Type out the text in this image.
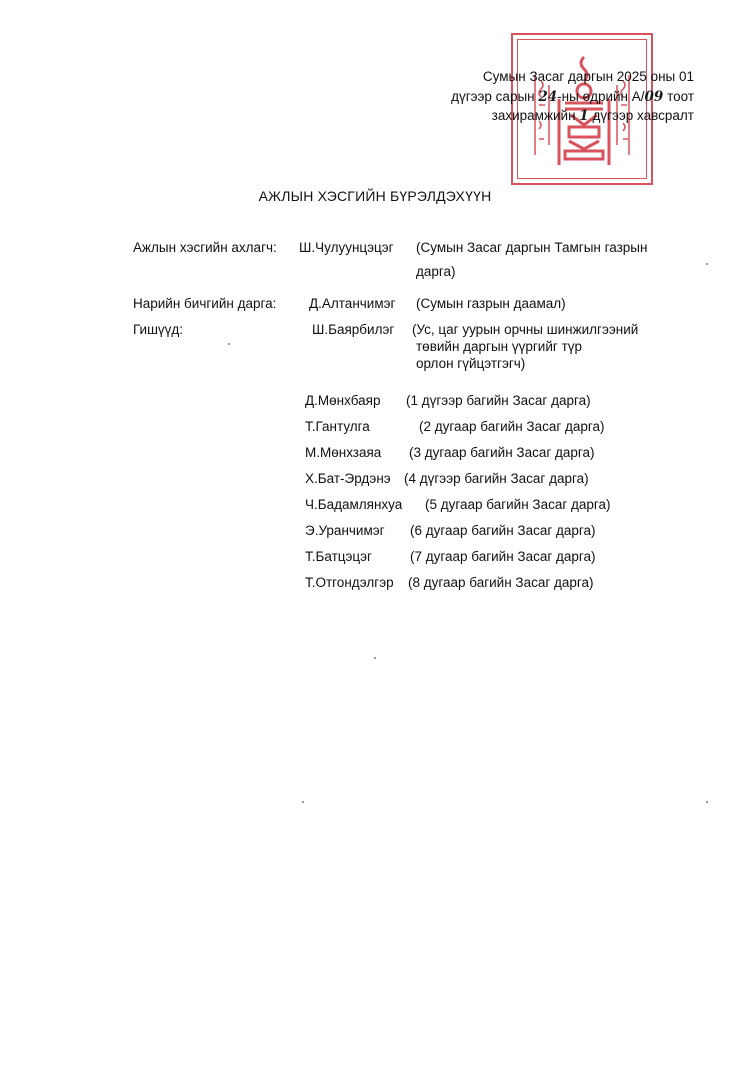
Сумын Засаг даргын 2025 оны 01
дүгээр сарын 24-ны өдрийн А/09 тоот
захирамжийн 1 дүгээр хавсралт
АЖЛЫН ХЭСГИЙН БҮРЭЛДЭХҮҮН
Ажлын хэсгийн ахлагч: Ш.Чулуунцэцэг (Сумын Засаг даргын Тамгын газрын
дарга)
Нарийн бичгийн дарга: Д.Алтанчимэг (Сумын газрын даамал)
Гишүүд:	Ш.Баярбилэг (Ус, цаг уурын орчны шинжилгээний
төвийн даргын үүргийг түр
орлон гүйцэтгэгч)
Д.Мөнхбаяр (1 дүгээр багийн Засаг дарга)
Т.Гантулга	(2 дугаар багийн Засаг дарга)
М.Мөнхзаяа (3 дугаар багийн Засаг дарга)
Х.Бат-Эрдэнэ (4 дүгээр багийн Засаг дарга)
Ч.Бадамлянхуа (5 дугаар багийн Засаг дарга)
Э.Уранчимэг (6 дугаар багийн Засаг дарга)
Т.Батцэцэг	(7 дугаар багийн Засаг дарга)
Т.Отгондэлгэр (8 дугаар багийн Засаг дарга)
